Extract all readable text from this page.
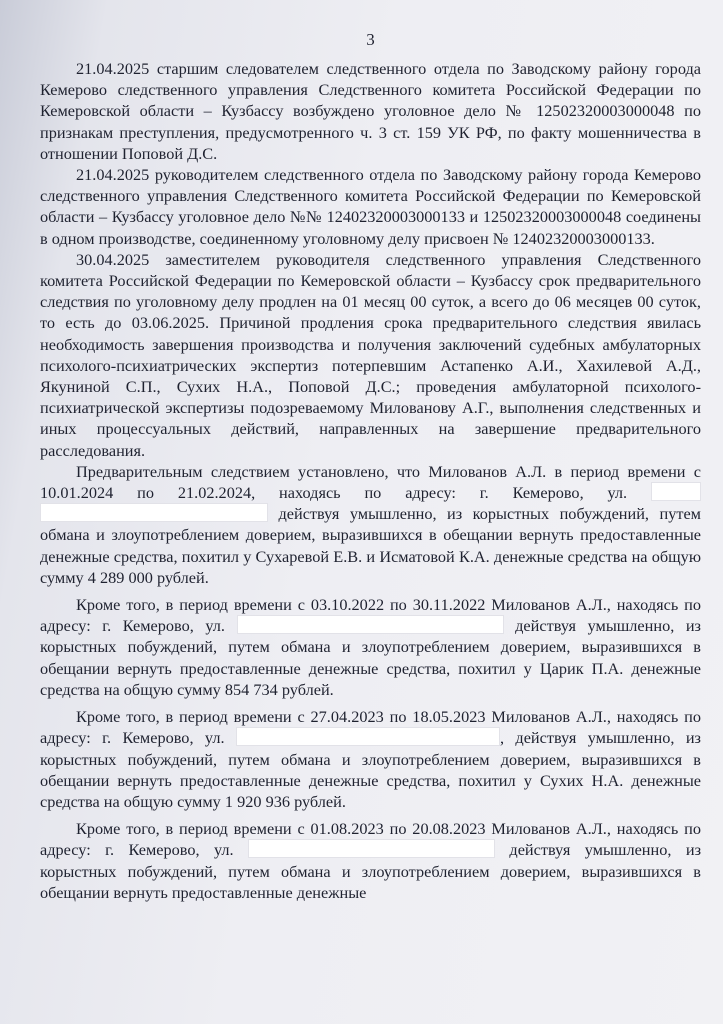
3

21.04.2025 старшим следователем следственного отдела по Заводскому району города Кемерово следственного управления Следственного комитета Российской Федерации по Кемеровской области – Кузбассу возбуждено уголовное дело № 12502320003000048 по признакам преступления, предусмотренного ч. 3 ст. 159 УК РФ, по факту мошенничества в отношении Поповой Д.С.

21.04.2025 руководителем следственного отдела по Заводскому району города Кемерово следственного управления Следственного комитета Российской Федерации по Кемеровской области – Кузбассу уголовное дело №№ 12402320003000133 и 12502320003000048 соединены в одном производстве, соединенному уголовному делу присвоен № 12402320003000133.

30.04.2025 заместителем руководителя следственного управления Следственного комитета Российской Федерации по Кемеровской области – Кузбассу срок предварительного следствия по уголовному делу продлен на 01 месяц 00 суток, а всего до 06 месяцев 00 суток, то есть до 03.06.2025. Причиной продления срока предварительного следствия явилась необходимость завершения производства и получения заключений судебных амбулаторных психолого-психиатрических экспертиз потерпевшим Астапенко А.И., Хахилевой А.Д., Якуниной С.П., Сухих Н.А., Поповой Д.С.; проведения амбулаторной психолого-психиатрической экспертизы подозреваемому Милованову А.Г., выполнения следственных и иных процессуальных действий, направленных на завершение предварительного расследования.

Предварительным следствием установлено, что Милованов А.Л. в период времени с 10.01.2024 по 21.02.2024, находясь по адресу: г. Кемерово, ул.   действуя умышленно, из корыстных побуждений, путем обмана и злоупотреблением доверием, выразившихся в обещании вернуть предоставленные денежные средства, похитил у Сухаревой Е.В. и Исматовой К.А. денежные средства на общую сумму 4 289 000 рублей.

Кроме того, в период времени с 03.10.2022 по 30.11.2022 Милованов А.Л., находясь по адресу: г. Кемерово, ул.	действуя умышленно, из корыстных побуждений, путем обмана и злоупотреблением доверием, выразившихся в обещании вернуть предоставленные денежные средства, похитил у Царик П.А. денежные средства на общую сумму 854 734 рублей.

Кроме того, в период времени с 27.04.2023 по 18.05.2023 Милованов А.Л., находясь по адресу: г. Кемерово, ул.	, действуя умышленно, из корыстных побуждений, путем обмана и злоупотреблением доверием, выразившихся в обещании вернуть предоставленные денежные средства, похитил у Сухих Н.А. денежные средства на общую сумму 1 920 936 рублей.

Кроме того, в период времени с 01.08.2023 по 20.08.2023 Милованов А.Л., находясь по адресу: г. Кемерово, ул.	действуя умышленно, из корыстных побуждений, путем обмана и злоупотреблением доверием, выразившихся в обещании вернуть предоставленные денежные
